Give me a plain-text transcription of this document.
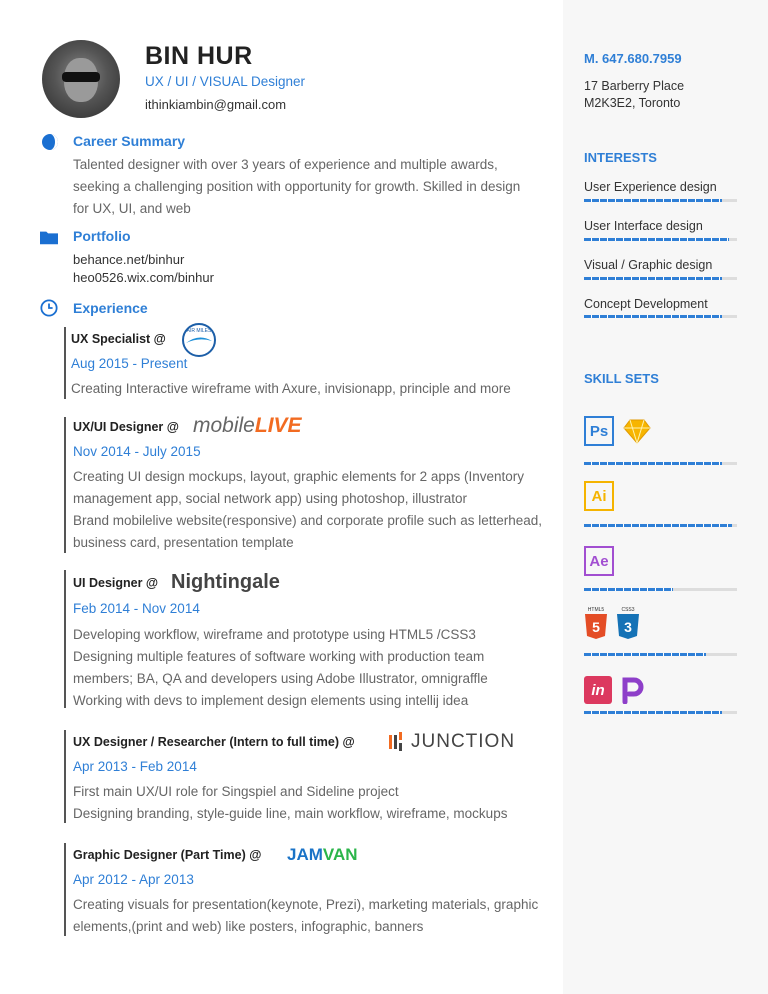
BIN HUR
UX / UI / VISUAL Designer
ithinkiambin@gmail.com
Career Summary
Talented designer with over 3 years of experience and multiple awards,
seeking a challenging position with opportunity for growth. Skilled in design
for UX, UI, and web
Portfolio
behance.net/binhur
heo0526.wix.com/binhur
Experience
UX Specialist @
AIR MILES
Aug 2015 - Present
Creating Interactive wireframe with Axure, invisionapp, principle and more
UX/UI Designer @ mobileLIVE
Nov 2014 - July 2015
Creating UI design mockups, layout, graphic elements for 2 apps (Inventory
management app, social network app) using photoshop, illustrator
Brand mobilelive website(responsive) and corporate profile such as letterhead,
business card, presentation template
UI Designer @ Nightingale
Feb 2014 - Nov 2014
Developing workflow, wireframe and prototype using HTML5 /CSS3
Designing multiple features of software working with production team
members; BA, QA and developers using Adobe Illustrator, omnigraffle
Working with devs to implement design elements using intellij idea
UX Designer / Researcher (Intern to full time) @	JUNCTION
Apr 2013 - Feb 2014
First main UX/UI role for Singspiel and Sideline project
Designing branding, style-guide line, main workflow, wireframe, mockups
Graphic Designer (Part Time) @ JAMVAN
Apr 2012 - Apr 2013
Creating visuals for presentation(keynote, Prezi), marketing materials, graphic
elements,(print and web) like posters, infographic, banners
M. 647.680.7959
17 Barberry Place
M2K3E2, Toronto
INTERESTS
User Experience design
User Interface design
Visual / Graphic design
Concept Development
SKILL SETS
Ps
Ai
Ae
HTML5
5
CSS3
3
in
